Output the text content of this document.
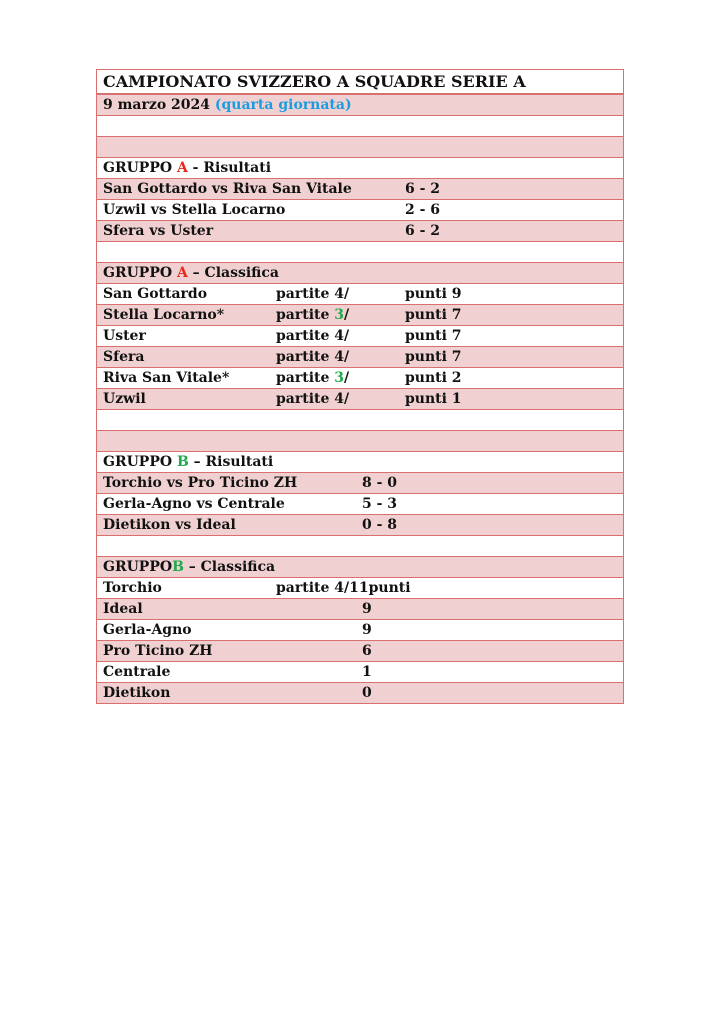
CAMPIONATO SVIZZERO A SQUADRE SERIE A
9 marzo 2024 (quarta giornata)
GRUPPO A - Risultati
San Gottardo vs Riva San Vitale	6 - 2
Uzwil vs Stella Locarno	2 - 6
Sfera vs Uster	6 - 2
GRUPPO A – Classifica
San Gottardo	partite 4/	punti 9
Stella Locarno*	partite 3/	punti 7
Uster	partite 4/	punti 7
Sfera	partite 4/	punti 7
Riva San Vitale*	partite 3/	punti 2
Uzwil	partite 4/	punti 1
GRUPPO B – Risultati
Torchio vs Pro Ticino ZH	8 - 0
Gerla-Agno vs Centrale	5 - 3
Dietikon vs Ideal	0 - 8
GRUPPOB – Classifica
Torchio	partite 4/11punti
Ideal	9
Gerla-Agno	9
Pro Ticino ZH	6
Centrale	1
Dietikon	0
